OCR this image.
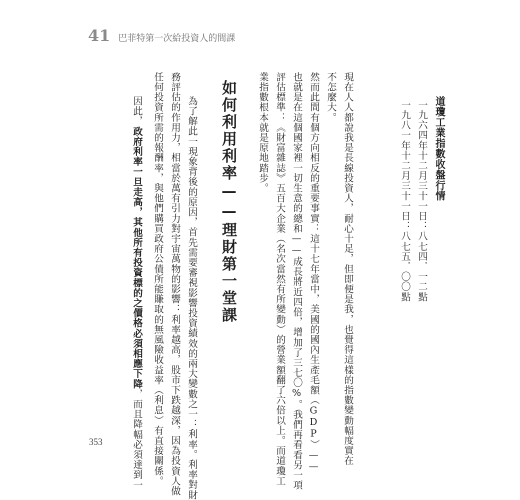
41 巴菲特第一次給投資人的間課
道瓊工業指數收盤行情
一九六四年十二月三十一日：八七四．一二點
一九八一年十二月三十一日：八七五．〇〇點
現在人人都說我是長線投資人，耐心十足，但即便是我，也覺得這樣的指數變動幅度實在
不怎麼大。
然而此間有個方向相反的重要事實：這十七年當中，美國的國內生產毛額（GDP）——
也就是在這個國家裡一切生意的總和——成長將近四倍，增加了三七〇%。我們再看看另一項
評估標準：《財富雜誌》五百大企業（名次當然有所變動）的營業額翻了六倍以上。而道瓊工
業指數根本就是原地踏步。
如何利用利率——理財第一堂課
為了解此一現象背後的原因，首先需要審視影響投資績效的兩大變數之一：利率。利率對財
務評估的作用力，相當於萬有引力對宇宙萬物的影響：利率越高，股市下跌越深，因為投資人做
任何投資所需的報酬率，與他們購買政府公債所能賺取的無風險收益率（利息）有直接關係。
因此，政府利率一旦走高，其他所有投資標的之價格必須相應下降，而且降幅必須達到一
353
